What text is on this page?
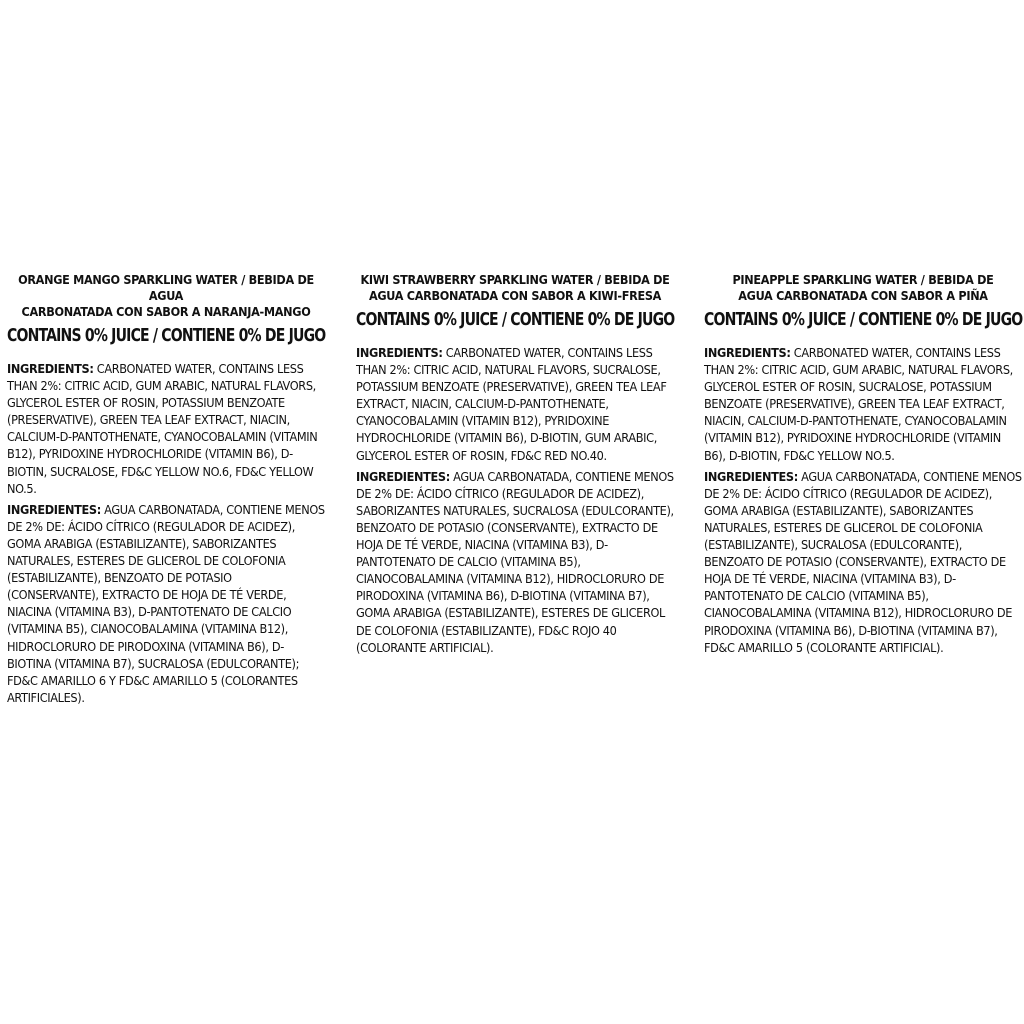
ORANGE MANGO SPARKLING WATER / BEBIDA DE AGUA
CARBONATADA CON SABOR A NARANJA-MANGO
CONTAINS 0% JUICE / CONTIENE 0% DE JUGO

INGREDIENTS: CARBONATED WATER, CONTAINS LESS THAN 2%: CITRIC ACID, GUM ARABIC, NATURAL FLAVORS, GLYCEROL ESTER OF ROSIN, POTASSIUM BENZOATE (PRESERVATIVE), GREEN TEA LEAF EXTRACT, NIACIN, CALCIUM-D-PANTOTHENATE, CYANOCOBALAMIN (VITAMIN B12), PYRIDOXINE HYDROCHLORIDE (VITAMIN B6), D-BIOTIN, SUCRALOSE, FD&C YELLOW NO.6, FD&C YELLOW NO.5.

INGREDIENTES: AGUA CARBONATADA, CONTIENE MENOS DE 2% DE: ÁCIDO CÍTRICO (REGULADOR DE ACIDEZ), GOMA ARABIGA (ESTABILIZANTE), SABORIZANTES NATURALES, ESTERES DE GLICEROL DE COLOFONIA (ESTABILIZANTE), BENZOATO DE POTASIO (CONSERVANTE), EXTRACTO DE HOJA DE TÉ VERDE, NIACINA (VITAMINA B3), D-PANTOTENATO DE CALCIO (VITAMINA B5), CIANOCOBALAMINA (VITAMINA B12), HIDROCLORURO DE PIRODOXINA (VITAMINA B6), D-BIOTINA (VITAMINA B7), SUCRALOSA (EDULCORANTE); FD&C AMARILLO 6 Y FD&C AMARILLO 5 (COLORANTES ARTIFICIALES).

KIWI STRAWBERRY SPARKLING WATER / BEBIDA DE
AGUA CARBONATADA CON SABOR A KIWI-FRESA
CONTAINS 0% JUICE / CONTIENE 0% DE JUGO

INGREDIENTS: CARBONATED WATER, CONTAINS LESS THAN 2%: CITRIC ACID, NATURAL FLAVORS, SUCRALOSE, POTASSIUM BENZOATE (PRESERVATIVE), GREEN TEA LEAF EXTRACT, NIACIN, CALCIUM-D-PANTOTHENATE, CYANOCOBALAMIN (VITAMIN B12), PYRIDOXINE HYDROCHLORIDE (VITAMIN B6), D-BIOTIN, GUM ARABIC, GLYCEROL ESTER OF ROSIN, FD&C RED NO.40.

INGREDIENTES: AGUA CARBONATADA, CONTIENE MENOS DE 2% DE: ÁCIDO CÍTRICO (REGULADOR DE ACIDEZ), SABORIZANTES NATURALES, SUCRALOSA (EDULCORANTE), BENZOATO DE POTASIO (CONSERVANTE), EXTRACTO DE HOJA DE TÉ VERDE, NIACINA (VITAMINA B3), D-PANTOTENATO DE CALCIO (VITAMINA B5), CIANOCOBALAMINA (VITAMINA B12), HIDROCLORURO DE PIRODOXINA (VITAMINA B6), D-BIOTINA (VITAMINA B7), GOMA ARABIGA (ESTABILIZANTE), ESTERES DE GLICEROL DE COLOFONIA (ESTABILIZANTE), FD&C ROJO 40 (COLORANTE ARTIFICIAL).

PINEAPPLE SPARKLING WATER / BEBIDA DE
AGUA CARBONATADA CON SABOR A PIÑA
CONTAINS 0% JUICE / CONTIENE 0% DE JUGO

INGREDIENTS: CARBONATED WATER, CONTAINS LESS THAN 2%: CITRIC ACID, GUM ARABIC, NATURAL FLAVORS, GLYCEROL ESTER OF ROSIN, SUCRALOSE, POTASSIUM BENZOATE (PRESERVATIVE), GREEN TEA LEAF EXTRACT, NIACIN, CALCIUM-D-PANTOTHENATE, CYANOCOBALAMIN (VITAMIN B12), PYRIDOXINE HYDROCHLORIDE (VITAMIN B6), D-BIOTIN, FD&C YELLOW NO.5.

INGREDIENTES: AGUA CARBONATADA, CONTIENE MENOS DE 2% DE: ÁCIDO CÍTRICO (REGULADOR DE ACIDEZ), GOMA ARABIGA (ESTABILIZANTE), SABORIZANTES NATURALES, ESTERES DE GLICEROL DE COLOFONIA (ESTABILIZANTE), SUCRALOSA (EDULCORANTE), BENZOATO DE POTASIO (CONSERVANTE), EXTRACTO DE HOJA DE TÉ VERDE, NIACINA (VITAMINA B3), D-PANTOTENATO DE CALCIO (VITAMINA B5), CIANOCOBALAMINA (VITAMINA B12), HIDROCLORURO DE PIRODOXINA (VITAMINA B6), D-BIOTINA (VITAMINA B7), FD&C AMARILLO 5 (COLORANTE ARTIFICIAL).
